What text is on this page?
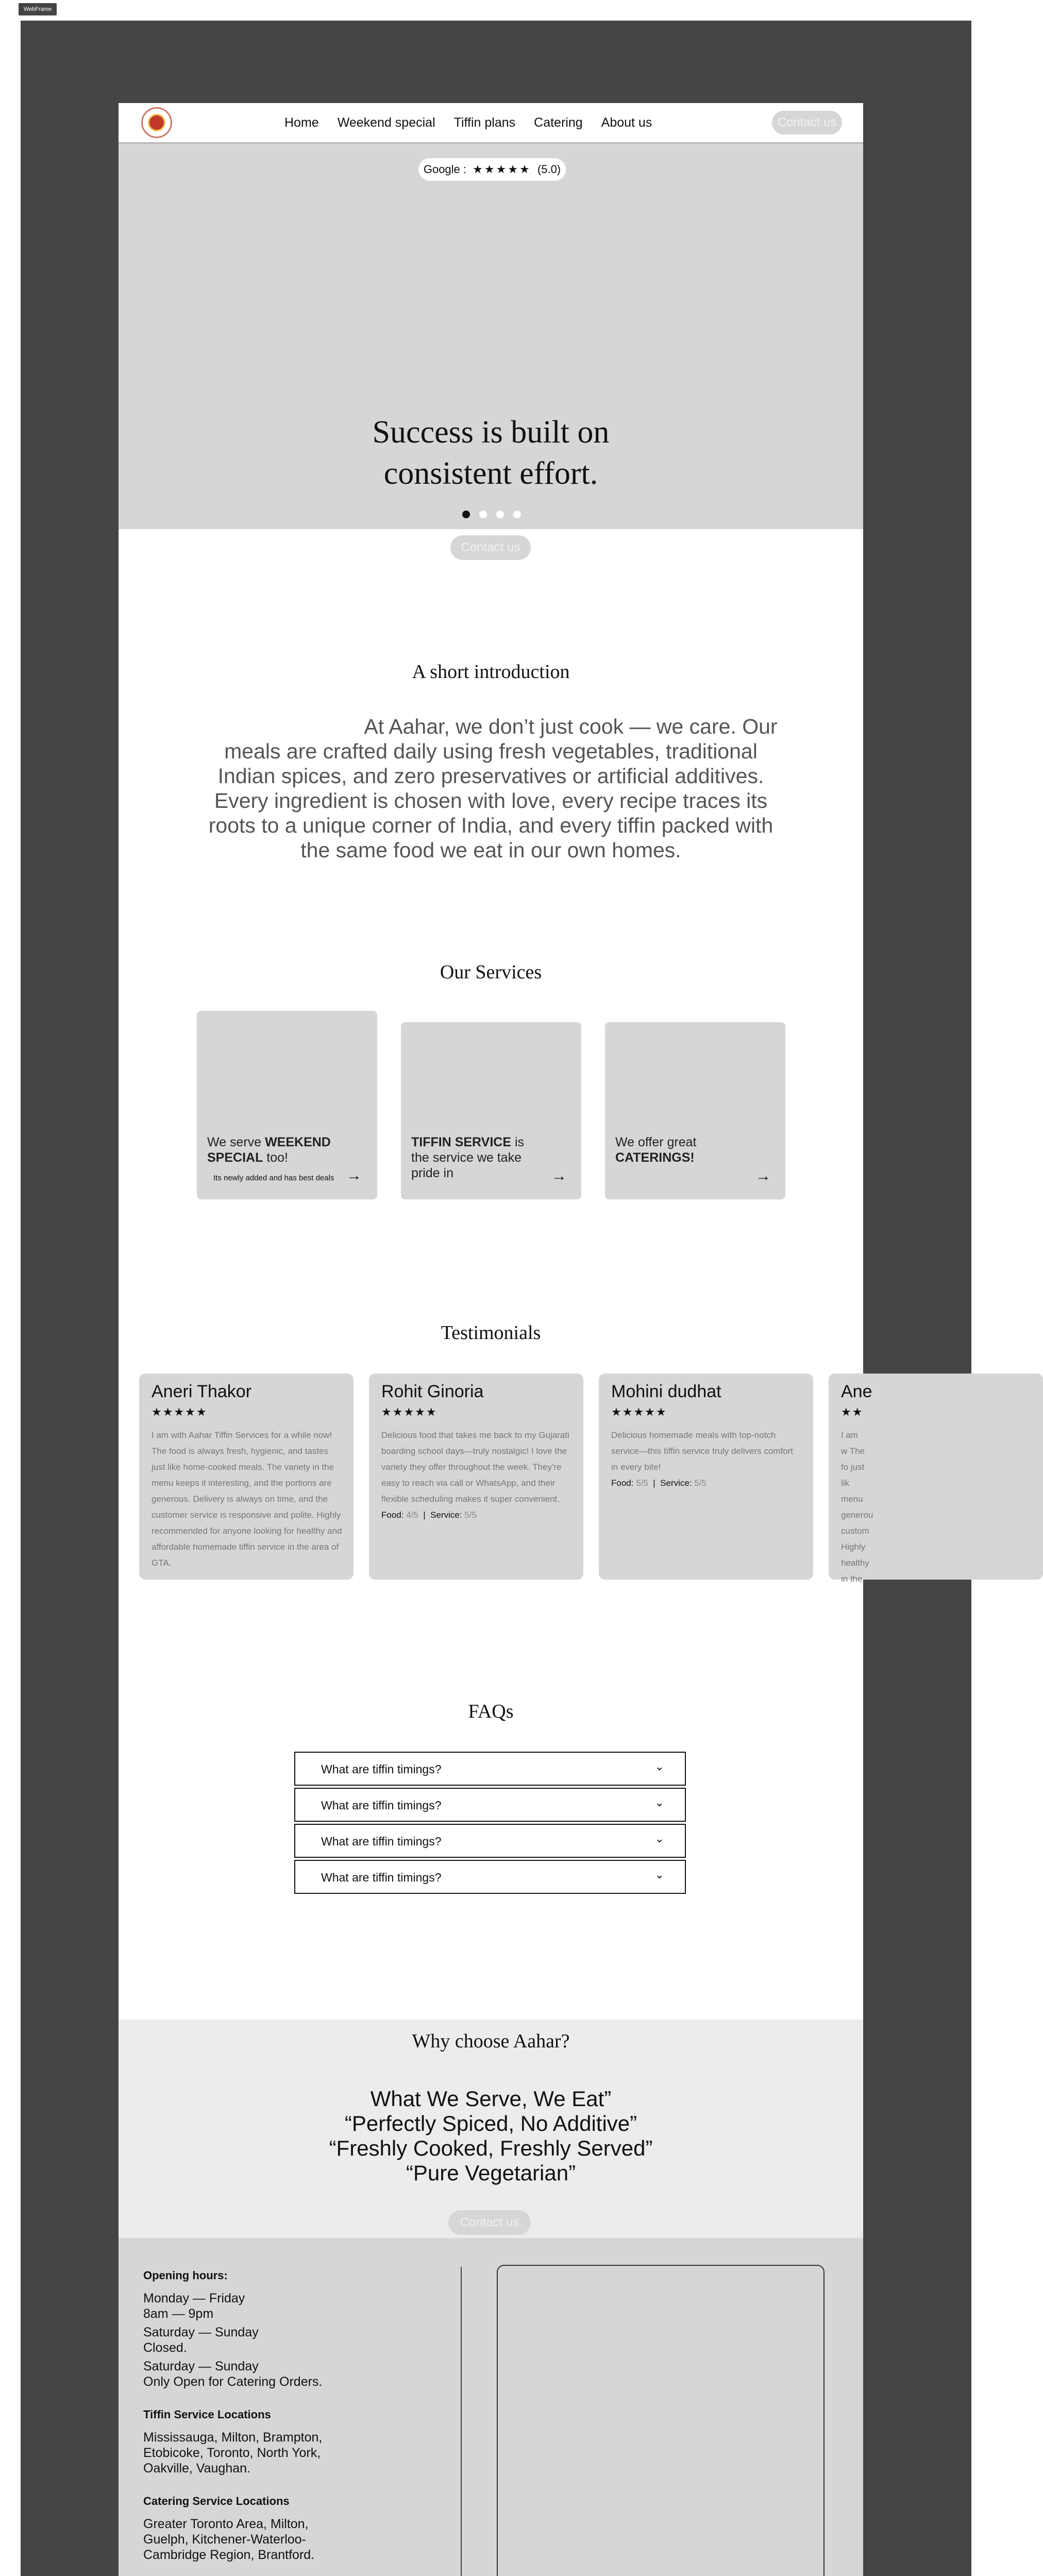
WebFrame
Home Weekend special Tiffin plans Catering About us	Contact us
Google : ★★★★★ (5.0)
Success is built on
consistent effort.
Contact us
A short introduction
At Aahar, we don’t just cook — we care. Our meals are crafted daily using fresh vegetables, traditional Indian spices, and zero preservatives or artificial additives. Every ingredient is chosen with love, every recipe traces its roots to a unique corner of India, and every tiffin packed with the same food we eat in our own homes.
Our Services
We serve WEEKEND SPECIAL too!
Its newly added and has best deals →
TIFFIN SERVICE is the service we take pride in	→
We offer great CATERINGS!
→
Testimonials
Aneri Thakor
★★★★★
I am with Aahar Tiffin Services for a while now! The food is always fresh, hygienic, and tastes just like home-cooked meals. The variety in the menu keeps it interesting, and the portions are generous. Delivery is always on time, and the customer service is responsive and polite. Highly recommended for anyone looking for healthy and affordable homemade tiffin service in the area of GTA.
Rohit Ginoria
★★★★★
Delicious food that takes me back to my Gujarati boarding school days—truly nostalgic! I love the variety they offer throughout the week. They're easy to reach via call or WhatsApp, and their flexible scheduling makes it super convenient.
Food: 4/5  |  Service: 5/5
Mohini dudhat
★★★★★
Delicious homemade meals with top-notch service—this tiffin service truly delivers comfort in every bite!
Food: 5/5  |  Service: 5/5
Ane
★★
I am w The fo just lik menu generou custom Highly healthy in the
FAQs
What are tiffin timings?	⌄
What are tiffin timings?	⌄
What are tiffin timings?	⌄
What are tiffin timings?	⌄
Why choose Aahar?
What We Serve, We Eat”
“Perfectly Spiced, No Additive”
“Freshly Cooked, Freshly Served”
“Pure Vegetarian”
Contact us
Opening hours:

Monday — Friday

8am — 9pm

Saturday — Sunday

Closed.

Saturday — Sunday

Only Open for Catering Orders.

Tiffin Service Locations

Mississauga, Milton, Brampton, Etobicoke, Toronto, North York, Oakville, Vaughan.

Catering Service Locations

Greater Toronto Area, Milton, Guelph, Kitchener-Waterloo-Cambridge Region, Brantford.
